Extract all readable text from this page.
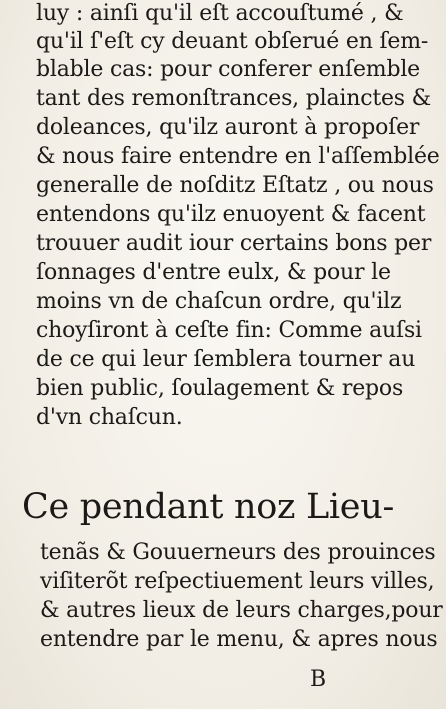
luy : ainſi qu'il eſt accouſtumé , &
qu'il ſ'eſt cy deuant obſerué en ſem-
blable cas: pour conferer enſemble
tant des remonſtrances, plainctes &
doleances, qu'ilz auront à propoſer
& nous faire entendre en l'aſſemblée
generalle de noſditz Eſtatz , ou nous
entendons qu'ilz enuoyent & facent
trouuer audit iour certains bons per
ſonnages d'entre eulx, & pour le
moins vn de chaſcun ordre, qu'ilz
choyſiront à ceſte fin: Comme auſsi
de ce qui leur ſemblera tourner au
bien public, ſoulagement & repos
d'vn chaſcun.
Ce pendant noz Lieu-
tenãs & Gouuerneurs des prouinces
viſiterõt reſpectiuement leurs villes,
& autres lieux de leurs charges,pour
entendre par le menu, & apres nous
B
